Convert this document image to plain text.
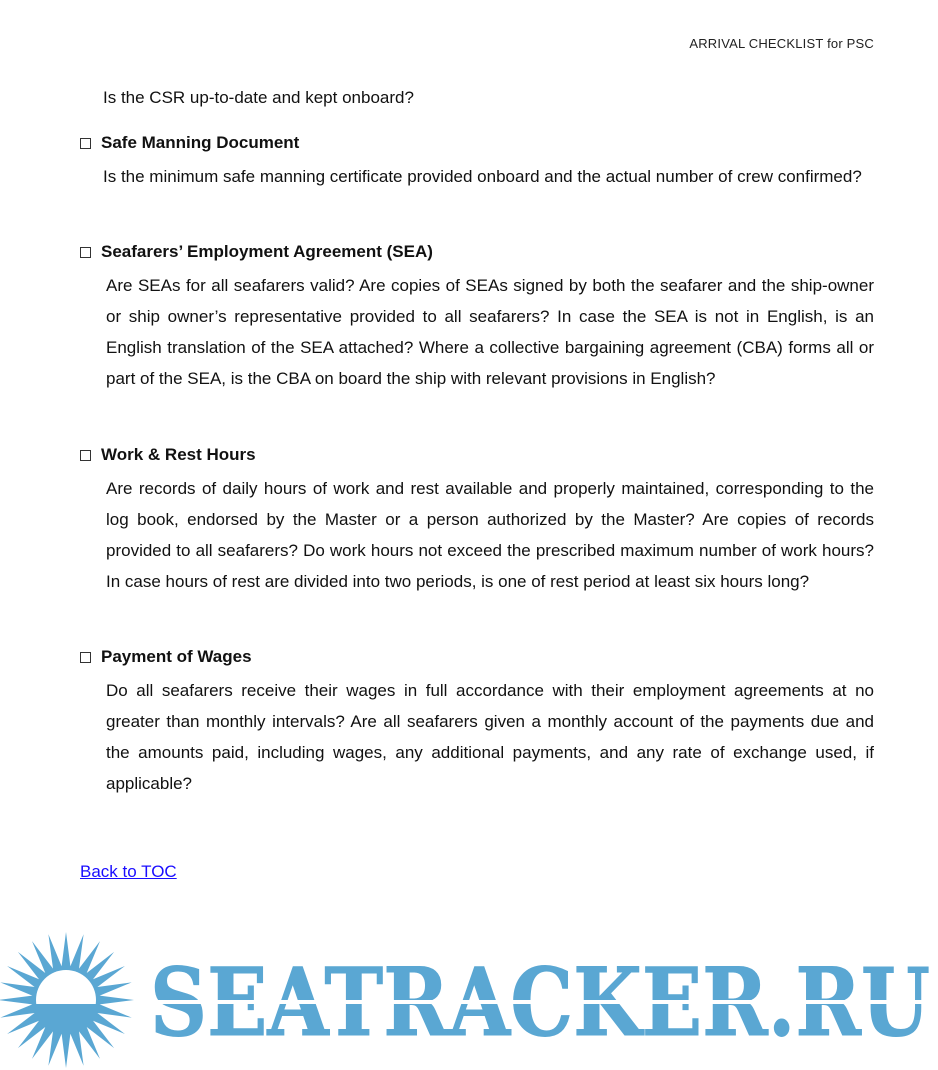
ARRIVAL CHECKLIST for PSC
Is the CSR up-to-date and kept onboard?
Safe Manning Document
Is the minimum safe manning certificate provided onboard and the actual number of crew confirmed?
Seafarers’ Employment Agreement (SEA)
Are SEAs for all seafarers valid? Are copies of SEAs signed by both the seafarer and the ship-owner or ship owner’s representative provided to all seafarers? In case the SEA is not in English, is an English translation of the SEA attached? Where a collective bargaining agreement (CBA) forms all or part of the SEA, is the CBA on board the ship with relevant provisions in English?
Work & Rest Hours
Are records of daily hours of work and rest available and properly maintained, corresponding to the log book, endorsed by the Master or a person authorized by the Master? Are copies of records provided to all seafarers? Do work hours not exceed the prescribed maximum number of work hours? In case hours of rest are divided into two periods, is one of rest period at least six hours long?
Payment of Wages
Do all seafarers receive their wages in full accordance with their employment agreements at no greater than monthly intervals? Are all seafarers given a monthly account of the payments due and the amounts paid, including wages, any additional payments, and any rate of exchange used, if applicable?
Back to TOC
SEATRACKER.RU
